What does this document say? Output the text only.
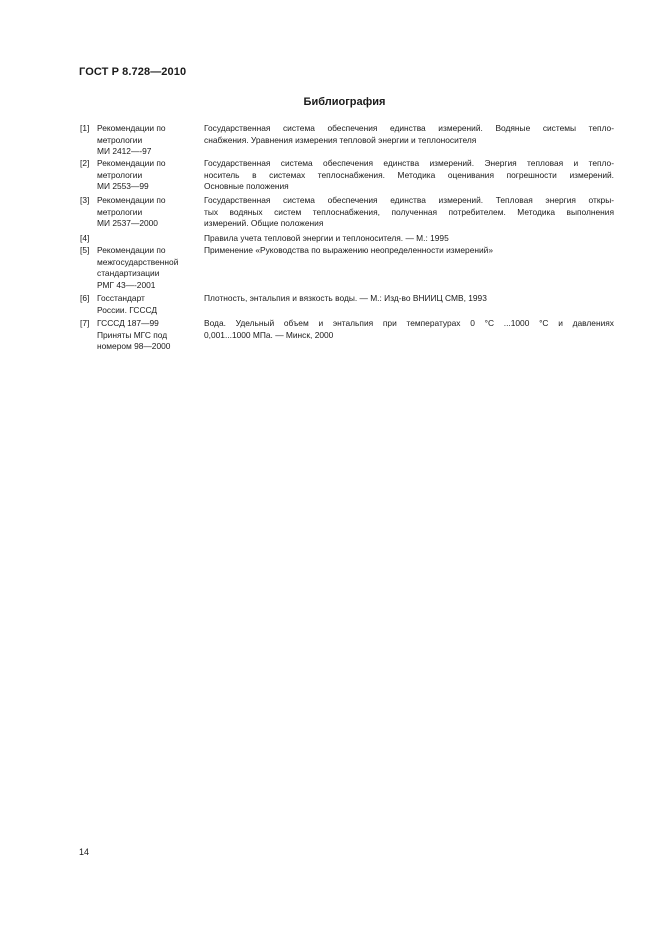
ГОСТ Р 8.728—2010
Библиография
[1] Рекомендации по
метрологии
МИ 2412—-97
Государственная система обеспечения единства измерений. Водяные системы тепло-
снабжения. Уравнения измерения тепловой энергии и теплоносителя
[2] Рекомендации по
метрологии
МИ 2553—99
Государственная система обеспечения единства измерений. Энергия тепловая и тепло-
носитель в системах теплоснабжения. Методика оценивания погрешности измерений.
Основные положения
[3] Рекомендации по
метрологии
МИ 2537—2000
Государственная система обеспечения единства измерений. Тепловая энергия откры-
тых водяных систем теплоснабжения, полученная потребителем. Методика выполнения
измерений. Общие положения
[4]	Правила учета тепловой энергии и теплоносителя. — М.: 1995
[5] Рекомендации по
межгосударственной
стандартизации
РМГ 43—-2001
Применение «Руководства по выражению неопределенности измерений»
[6] Госстандарт
России. ГСССД
Плотность, энтальпия и вязкость воды. — М.: Изд-во ВНИИЦ СМВ, 1993
[7] ГСССД 187—99
Приняты МГС под
номером 98—2000
Вода. Удельный объем и энтальпия при температурах 0 °С ...1000 °С и давлениях
0,001...1000 МПа. — Минск, 2000
14
